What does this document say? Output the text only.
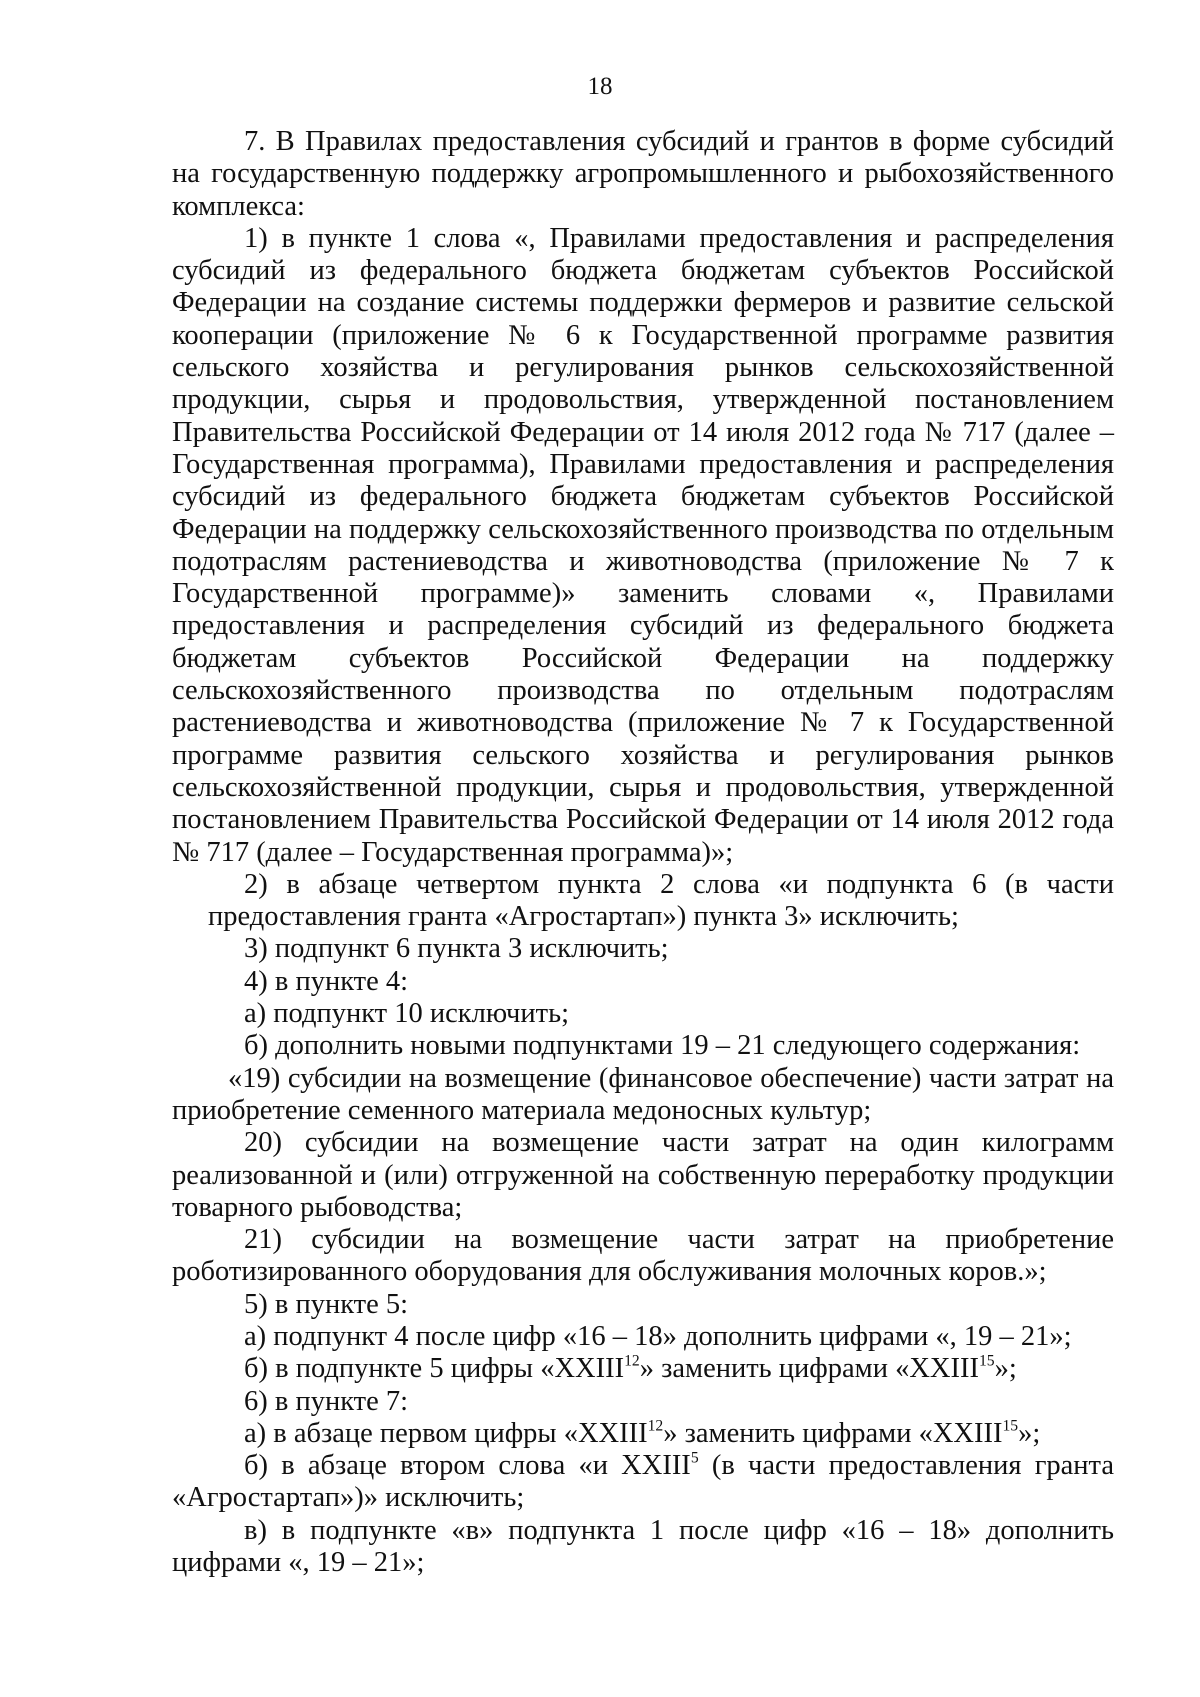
18

7. В Правилах предоставления субсидий и грантов в форме субсидий на государственную поддержку агропромышленного и рыбохозяйственного комплекса:

1) в пункте 1 слова «, Правилами предоставления и распределения субсидий из федерального бюджета бюджетам субъектов Российской Федерации на создание системы поддержки фермеров и развитие сельской кооперации (приложение № 6 к Государственной программе развития сельского хозяйства и регулирования рынков сельскохозяйственной продукции, сырья и продовольствия, утвержденной постановлением Правительства Российской Федерации от 14 июля 2012 года № 717 (далее – Государственная программа), Правилами предоставления и распределения субсидий из федерального бюджета бюджетам субъектов Российской Федерации на поддержку сельскохозяйственного производства по отдельным подотраслям растениеводства и животноводства (приложение № 7 к Государственной программе)» заменить словами «, Правилами предоставления и распределения субсидий из федерального бюджета бюджетам субъектов Российской Федерации на поддержку сельскохозяйственного производства по отдельным подотраслям растениеводства и животноводства (приложение № 7 к Государственной программе развития сельского хозяйства и регулирования рынков сельскохозяйственной продукции, сырья и продовольствия, утвержденной постановлением Правительства Российской Федерации от 14 июля 2012 года № 717 (далее – Государственная программа)»;

2) в абзаце четвертом пункта 2 слова «и подпункта 6 (в части предоставления гранта «Агростартап») пункта 3» исключить;

3) подпункт 6 пункта 3 исключить;

4) в пункте 4:

а) подпункт 10 исключить;

б) дополнить новыми подпунктами 19 – 21 следующего содержания:

«19) субсидии на возмещение (финансовое обеспечение) части затрат на приобретение семенного материала медоносных культур;

20) субсидии на возмещение части затрат на один килограмм реализованной и (или) отгруженной на собственную переработку продукции товарного рыбоводства;

21) субсидии на возмещение части затрат на приобретение роботизированного оборудования для обслуживания молочных коров.»;

5) в пункте 5:

а) подпункт 4 после цифр «16 – 18» дополнить цифрами «, 19 – 21»;

б) в подпункте 5 цифры «XXIII$^{12}$» заменить цифрами «XXIII$^{15}$»;

6) в пункте 7:

а) в абзаце первом цифры «XXIII$^{12}$» заменить цифрами «XXIII$^{15}$»;

б) в абзаце втором слова «и XXIII$^5$ (в части предоставления гранта «Агростартап»)» исключить;

в) в подпункте «в» подпункта 1 после цифр «16 – 18» дополнить цифрами «, 19 – 21»;
